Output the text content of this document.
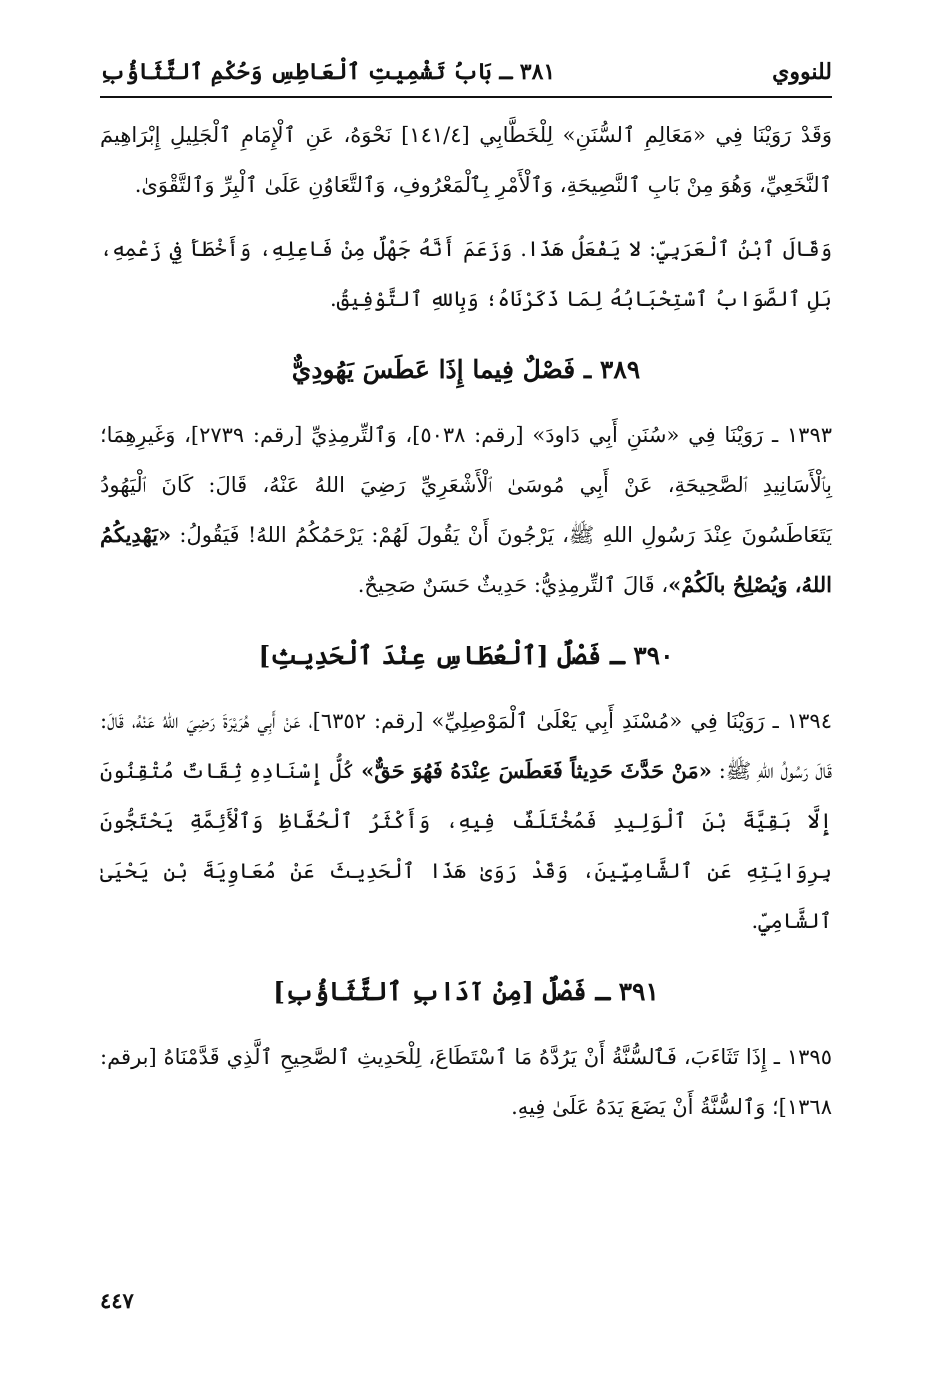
للنووي
٣٨١ ـ بَابُ تَشْمِيتِ ٱلْعَاطِسِ وَحُكْمِ ٱلتَّثَاؤُبِ

وَقَدْ رَوَيْنَا فِي «مَعَالِمِ ٱلسُّنَنِ» لِلْخَطَّابِي [١٤١/٤] نَحْوَهُ، عَنِ ٱلْإِمَامِ ٱلْجَلِيلِ إِبْرَاهِيمَ ٱلنَّخَعِيِّ، وَهُوَ مِنْ بَابِ ٱلنَّصِيحَةِ، وَٱلْأَمْرِ بِٱلْمَعْرُوفِ، وَٱلتَّعَاوُنِ عَلَىٰ ٱلْبِرِّ وَٱلتَّقْوَىٰ.

وَقَالَ ٱبْنُ ٱلْعَرَبِيِّ: لا يَفْعَلُ هَذَا. وَزَعَمَ أَنَّهُ جَهْلٌ مِنْ فَاعِلِهِ، وَأَخْطَأَ فِي زَعْمِهِ، بَلِ ٱلصَّوَابُ ٱسْتِحْبَابُهُ لِمَا ذَكَرْنَاهُ؛ وَبِاللهِ ٱلتَّوْفِيقُ.

٣٨٩ ـ فَصْلٌ فِيما إِذَا عَطَسَ يَهُودِيٌّ

١٣٩٣ ـ رَوَيْنَا فِي «سُنَنِ أَبِي دَاودَ» [رقم: ٥٠٣٨]، وَٱلتِّرمِذِيِّ [رقم: ٢٧٣٩]، وَغَيرِهِمَا؛ بِٱلْأَسَانِيدِ ٱلصَّحِيحَةِ، عَنْ أَبِي مُوسَىٰ ٱلْأَشْعَرِيِّ رَضِيَ اللهُ عَنْهُ، قَالَ: كَانَ ٱلْيَهُودُ يَتَعَاطَسُونَ عِنْدَ رَسُولِ اللهِ ﷺ، يَرْجُونَ أَنْ يَقُولَ لَهُمْ: يَرْحَمُكُمُ اللهُ! فَيَقُولُ: «يَهْدِيكُمُ اللهُ، وَيُصْلِحُ بالَكُمْ»، قَالَ ٱلتِّرمِذِيُّ: حَدِيثٌ حَسَنٌ صَحِيحٌ.

٣٩٠ ـ فَصْلٌ [ٱلْعُطَاسِ عِنْدَ ٱلْحَدِيثِ]

١٣٩٤ ـ رَوَيْنَا فِي «مُسْنَدِ أَبِي يَعْلَىٰ ٱلْمَوْصِلِيِّ» [رقم: ٦٣٥٢]، عَنْ أَبِي هُرَيْرَةَ رَضِيَ اللهُ عَنْهُ، قَالَ: قَالَ رَسُولُ اللهِ ﷺ: «مَنْ حَدَّثَ حَدِيثاً فَعَطَسَ عِنْدَهُ فَهُوَ حَقٌّ» كُلُّ إِسْنَادِهِ ثِقَاتٌ مُتْقِنُونَ إِلَّا بَقِيَّةَ بْنَ ٱلْوَلِيدِ فَمُخْتَلَفٌ فِيهِ، وَأَكْثَرُ ٱلْحُفَّاظِ وَٱلْأَئِمَّةِ يَحْتَجُّونَ بِرِوَايَتِهِ عَنِ ٱلشَّامِيِّينَ، وَقَدْ رَوَىٰ هَذَا ٱلْحَدِيثَ عَنْ مُعَاوِيَةَ بْنِ يَحْيَىٰ ٱلشَّامِيِّ.

٣٩١ ـ فَصْلٌ [مِنْ آدَابِ ٱلتَّثَاؤُبِ]

١٣٩٥ ـ إِذَا تَثَاءَبَ، فَٱلسُّنَّةُ أَنْ يَرُدَّهُ مَا ٱسْتَطَاعَ، لِلْحَدِيثِ ٱلصَّحِيحِ ٱلَّذِي قَدَّمْنَاهُ [برقم: ١٣٦٨]؛ وَٱلسُّنَّةُ أَنْ يَضَعَ يَدَهُ عَلَىٰ فِيهِ.

٤٤٧
